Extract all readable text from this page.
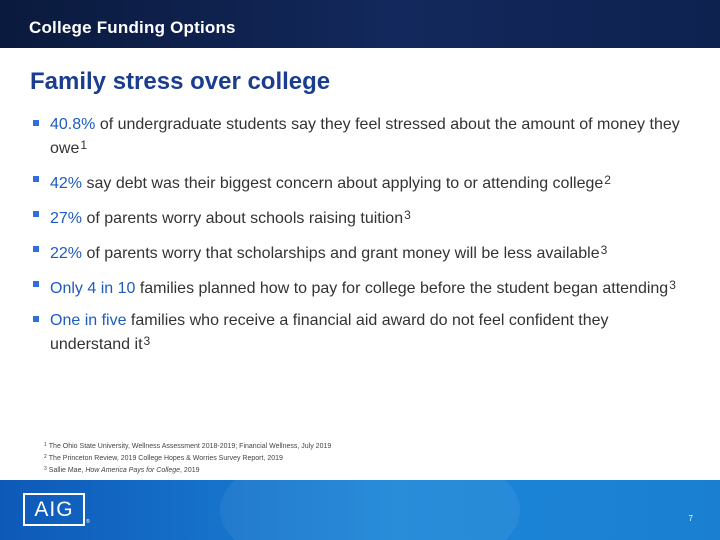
College Funding Options
Family stress over college
40.8% of undergraduate students say they feel stressed about the amount of money they owe$^1$
42% say debt was their biggest concern about applying to or attending college$^2$
27% of parents worry about schools raising tuition$^3$
22% of parents worry that scholarships and grant money will be less available$^3$
Only 4 in 10 families planned how to pay for college before the student began attending$^3$
One in five families who receive a financial aid award do not feel confident they understand $it^3$
$^1$ The Ohio State University, Wellness Assessment 2018-2019; Financial Wellness, July 2019
$^2$ The Princeton Review, 2019 College Hopes & Worries Survey Report, 2019
$^3$ Sallie Mae, How America Pays for College, 2019
AIG
®	7
